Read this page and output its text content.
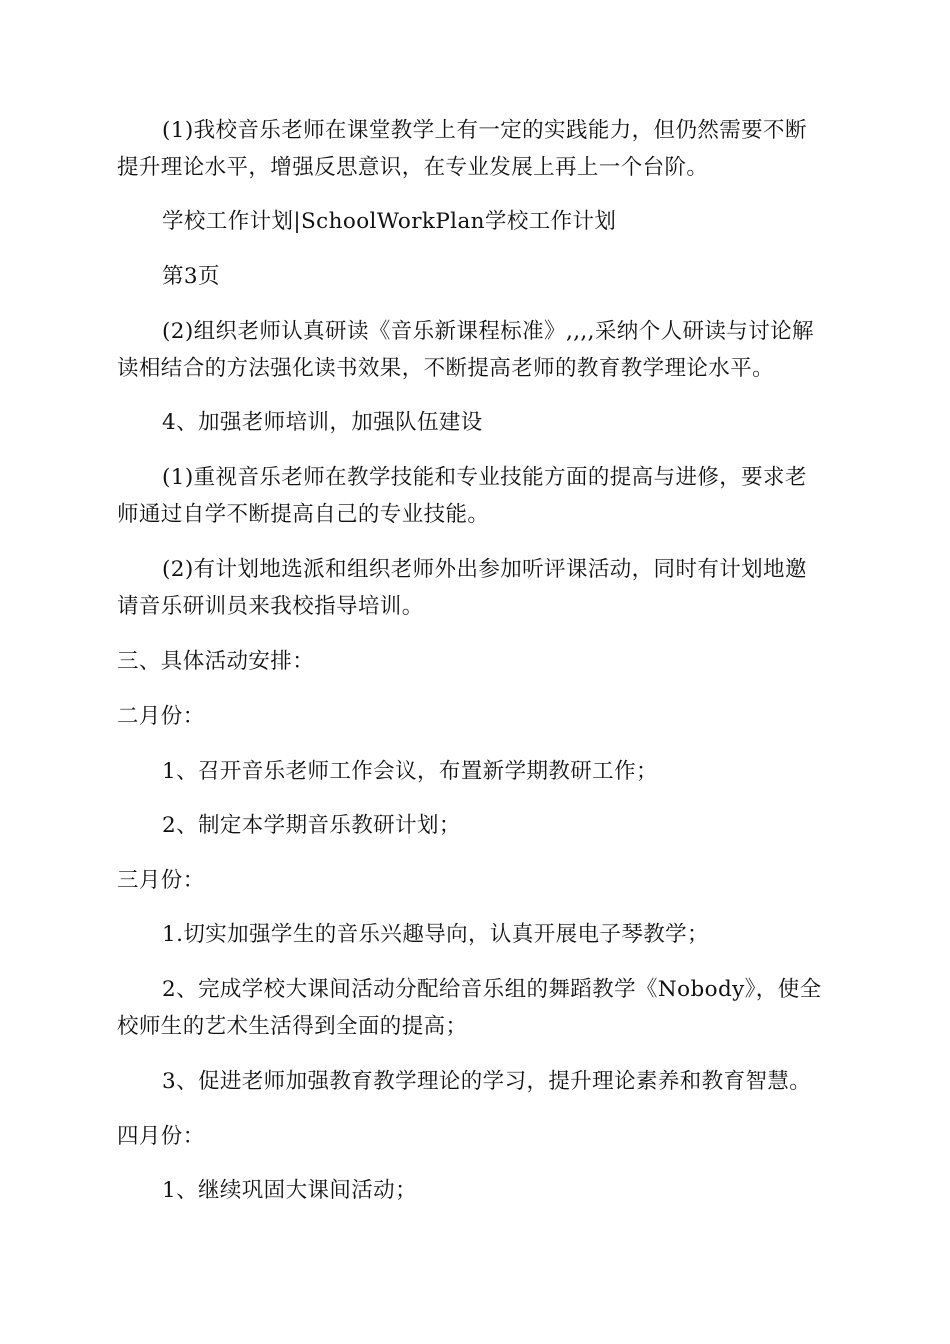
(1)我校音乐老师在课堂教学上有一定的实践能力，但仍然需要不断
提升理论水平，增强反思意识，在专业发展上再上一个台阶。
学校工作计划|SchoolWorkPlan学校工作计划
第3页
(2)组织老师认真研读《音乐新课程标准》,,,,采纳个人研读与讨论解
读相结合的方法强化读书效果，不断提高老师的教育教学理论水平。
4、加强老师培训，加强队伍建设
(1)重视音乐老师在教学技能和专业技能方面的提高与进修，要求老
师通过自学不断提高自己的专业技能。
(2)有计划地选派和组织老师外出参加听评课活动，同时有计划地邀
请音乐研训员来我校指导培训。
三、具体活动安排：
二月份：
1、召开音乐老师工作会议，布置新学期教研工作；
2、制定本学期音乐教研计划；
三月份：
1.切实加强学生的音乐兴趣导向，认真开展电子琴教学；
2、完成学校大课间活动分配给音乐组的舞蹈教学《Nobody》，使全
校师生的艺术生活得到全面的提高；
3、促进老师加强教育教学理论的学习，提升理论素养和教育智慧。
四月份：
1、继续巩固大课间活动；
